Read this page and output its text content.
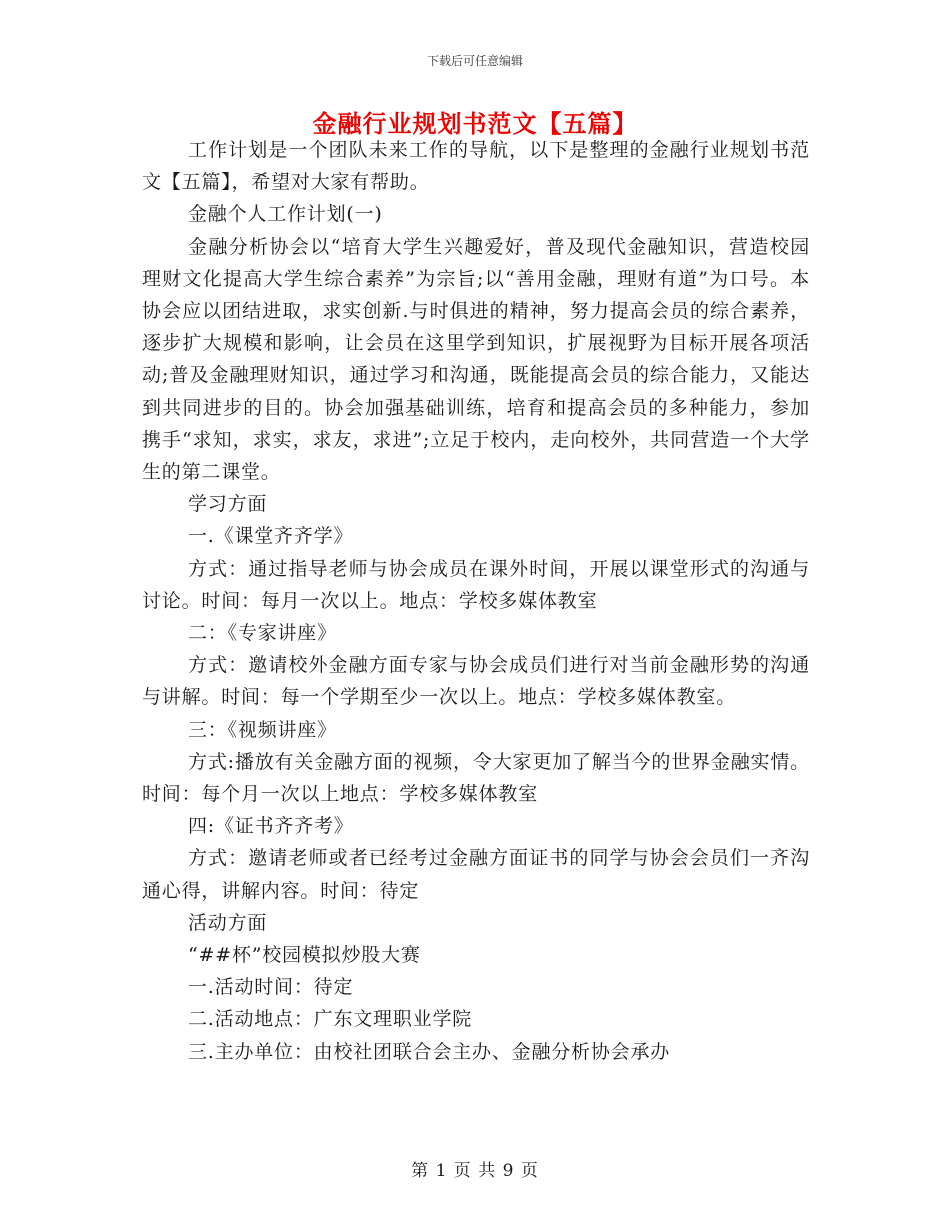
下载后可任意编辑
金融行业规划书范文【五篇】

工作计划是一个团队未来工作的导航，以下是整理的金融行业规划书范文【五篇】，希望对大家有帮助。

金融个人工作计划(一)

金融分析协会以“培育大学生兴趣爱好，普及现代金融知识，营造校园理财文化提高大学生综合素养”为宗旨;以“善用金融，理财有道”为口号。本协会应以团结进取，求实创新.与时俱进的精神，努力提高会员的综合素养，逐步扩大规模和影响，让会员在这里学到知识，扩展视野为目标开展各项活动;普及金融理财知识，通过学习和沟通，既能提高会员的综合能力，又能达到共同进步的目的。协会加强基础训练，培育和提高会员的多种能力，参加携手“求知，求实，求友，求进”;立足于校内，走向校外，共同营造一个大学生的第二课堂。

学习方面

一.《课堂齐齐学》

方式：通过指导老师与协会成员在课外时间，开展以课堂形式的沟通与讨论。时间：每月一次以上。地点：学校多媒体教室

二：《专家讲座》

方式：邀请校外金融方面专家与协会成员们进行对当前金融形势的沟通与讲解。时间：每一个学期至少一次以上。地点：学校多媒体教室。

三：《视频讲座》

方式:播放有关金融方面的视频，令大家更加了解当今的世界金融实情。时间：每个月一次以上地点：学校多媒体教室

四:《证书齐齐考》

方式：邀请老师或者已经考过金融方面证书的同学与协会会员们一齐沟通心得，讲解内容。时间：待定

活动方面

“##杯”校园模拟炒股大赛

一.活动时间：待定

二.活动地点：广东文理职业学院

三.主办单位：由校社团联合会主办、金融分析协会承办

第 1 页 共 9 页
